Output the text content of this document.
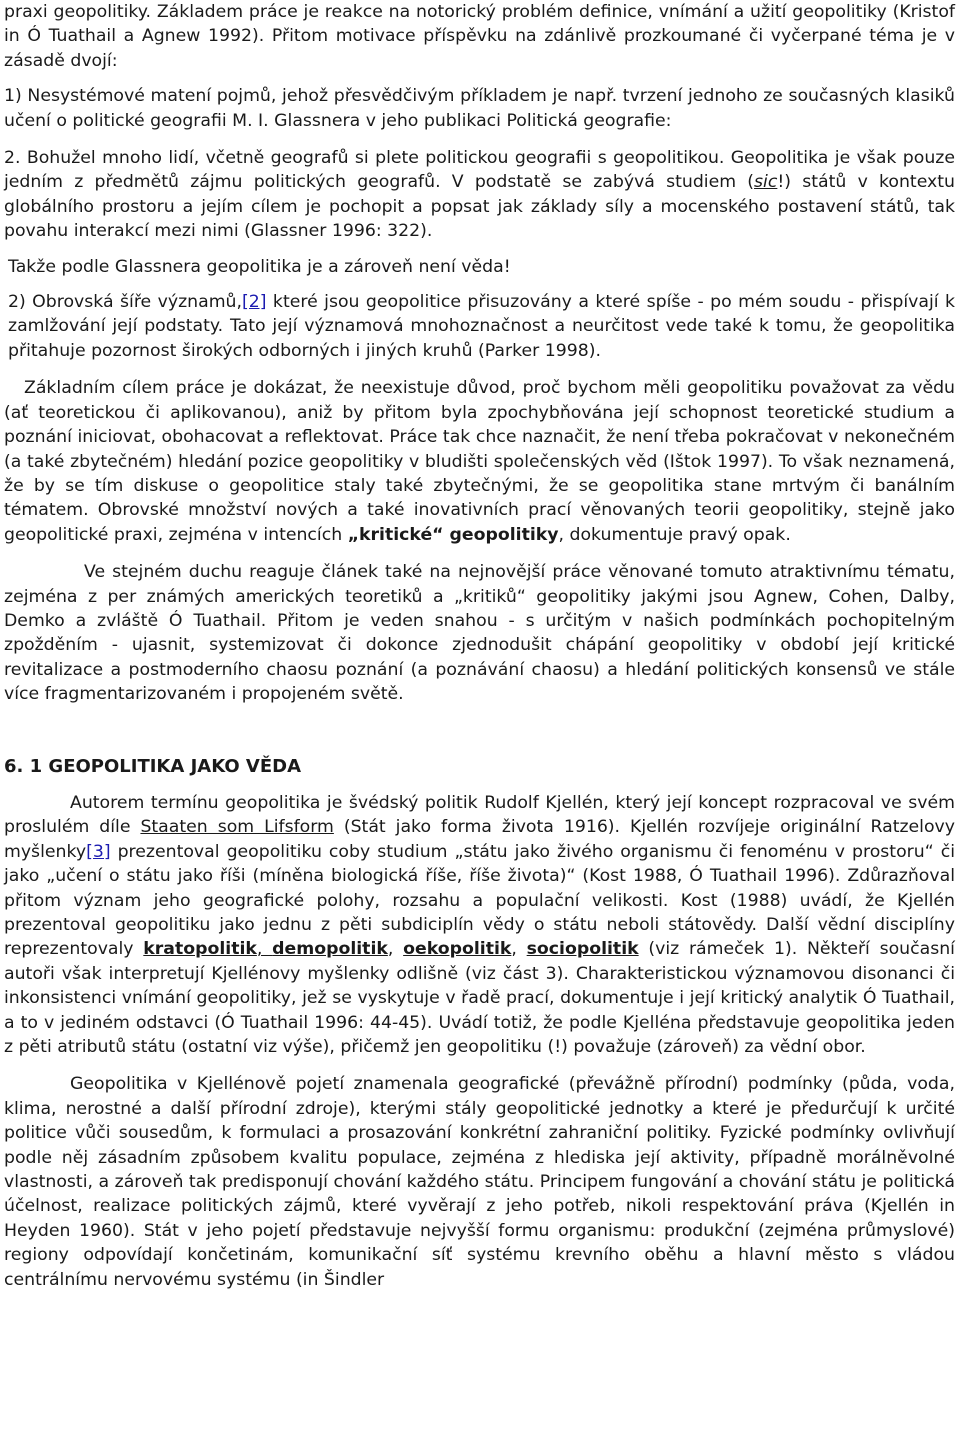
praxi geopolitiky. Základem práce je reakce na notorický problém definice, vnímání a užití geopolitiky (Kristof in Ó Tuathail a Agnew 1992). Přitom motivace příspěvku na zdánlivě prozkoumané či vyčerpané téma je v zásadě dvojí:

1) Nesystémové matení pojmů, jehož přesvědčivým příkladem je např. tvrzení jednoho ze současných klasiků učení o politické geografii M. I. Glassnera v jeho publikaci Politická geografie:

2. Bohužel mnoho lidí, včetně geografů si plete politickou geografii s geopolitikou. Geopolitika je však pouze jedním z předmětů zájmu politických geografů. V podstatě se zabývá studiem (sic!) států v kontextu globálního prostoru a jejím cílem je pochopit a popsat jak základy síly a mocenského postavení států, tak povahu interakcí mezi nimi (Glassner 1996: 322).

Takže podle Glassnera geopolitika je a zároveň není věda!

2) Obrovská šíře významů,[2] které jsou geopolitice přisuzovány a které spíše - po mém soudu - přispívají k zamlžování její podstaty. Tato její významová mnohoznačnost a neurčitost vede také k tomu, že geopolitika přitahuje pozornost širokých odborných i jiných kruhů (Parker 1998).

Základním cílem práce je dokázat, že neexistuje důvod, proč bychom měli geopolitiku považovat za vědu (ať teoretickou či aplikovanou), aniž by přitom byla zpochybňována její schopnost teoretické studium a poznání iniciovat, obohacovat a reflektovat. Práce tak chce naznačit, že není třeba pokračovat v nekonečném (a také zbytečném) hledání pozice geopolitiky v bludišti společenských věd (Ištok 1997). To však neznamená, že by se tím diskuse o geopolitice staly také zbytečnými, že se geopolitika stane mrtvým či banálním tématem. Obrovské množství nových a také inovativních prací věnovaných teorii geopolitiky, stejně jako geopolitické praxi, zejména v intencích „kritické“ geopolitiky, dokumentuje pravý opak.

Ve stejném duchu reaguje článek také na nejnovější práce věnované tomuto atraktivnímu tématu, zejména z per známých amerických teoretiků a „kritiků“ geopolitiky jakými jsou Agnew, Cohen, Dalby, Demko a zvláště Ó Tuathail. Přitom je veden snahou - s určitým v našich podmínkách pochopitelným zpožděním - ujasnit, systemizovat či dokonce zjednodušit chápání geopolitiky v období její kritické revitalizace a postmoderního chaosu poznání (a poznávání chaosu) a hledání politických konsensů ve stále více fragmentarizovaném i propojeném světě.

6. 1 GEOPOLITIKA JAKO VĚDA

Autorem termínu geopolitika je švédský politik Rudolf Kjellén, který její koncept rozpracoval ve svém proslulém díle Staaten som Lifsform (Stát jako forma života 1916). Kjellén rozvíjeje originální Ratzelovy myšlenky[3] prezentoval geopolitiku coby studium „státu jako živého organismu či fenoménu v prostoru“ či jako „učení o státu jako říši (míněna biologická říše, říše života)“ (Kost 1988, Ó Tuathail 1996). Zdůrazňoval přitom význam jeho geografické polohy, rozsahu a populační velikosti. Kost (1988) uvádí, že Kjellén prezentoval geopolitiku jako jednu z pěti subdiciplín vědy o státu neboli státovědy. Další vědní disciplíny reprezentovaly kratopolitik, demopolitik, oekopolitik, sociopolitik (viz rámeček 1). Někteří současní autoři však interpretují Kjellénovy myšlenky odlišně (viz část 3). Charakteristickou významovou disonanci či inkonsistenci vnímání geopolitiky, jež se vyskytuje v řadě prací, dokumentuje i její kritický analytik Ó Tuathail, a to v jediném odstavci (Ó Tuathail 1996: 44-45). Uvádí totiž, že podle Kjelléna představuje geopolitika jeden z pěti atributů státu (ostatní viz výše), přičemž jen geopolitiku (!) považuje (zároveň) za vědní obor.

Geopolitika v Kjellénově pojetí znamenala geografické (převážně přírodní) podmínky (půda, voda, klima, nerostné a další přírodní zdroje), kterými stály geopolitické jednotky a které je předurčují k určité politice vůči sousedům, k formulaci a prosazování konkrétní zahraniční politiky. Fyzické podmínky ovlivňují podle něj zásadním způsobem kvalitu populace, zejména z hlediska její aktivity, případně morálněvolné vlastnosti, a zároveň tak predisponují chování každého státu. Principem fungování a chování státu je politická účelnost, realizace politických zájmů, které vyvěrají z jeho potřeb, nikoli respektování práva (Kjellén in Heyden 1960). Stát v jeho pojetí představuje nejvyšší formu organismu: produkční (zejména průmyslové) regiony odpovídají končetinám, komunikační síť systému krevního oběhu a hlavní město s vládou centrálnímu nervovému systému (in Šindler
